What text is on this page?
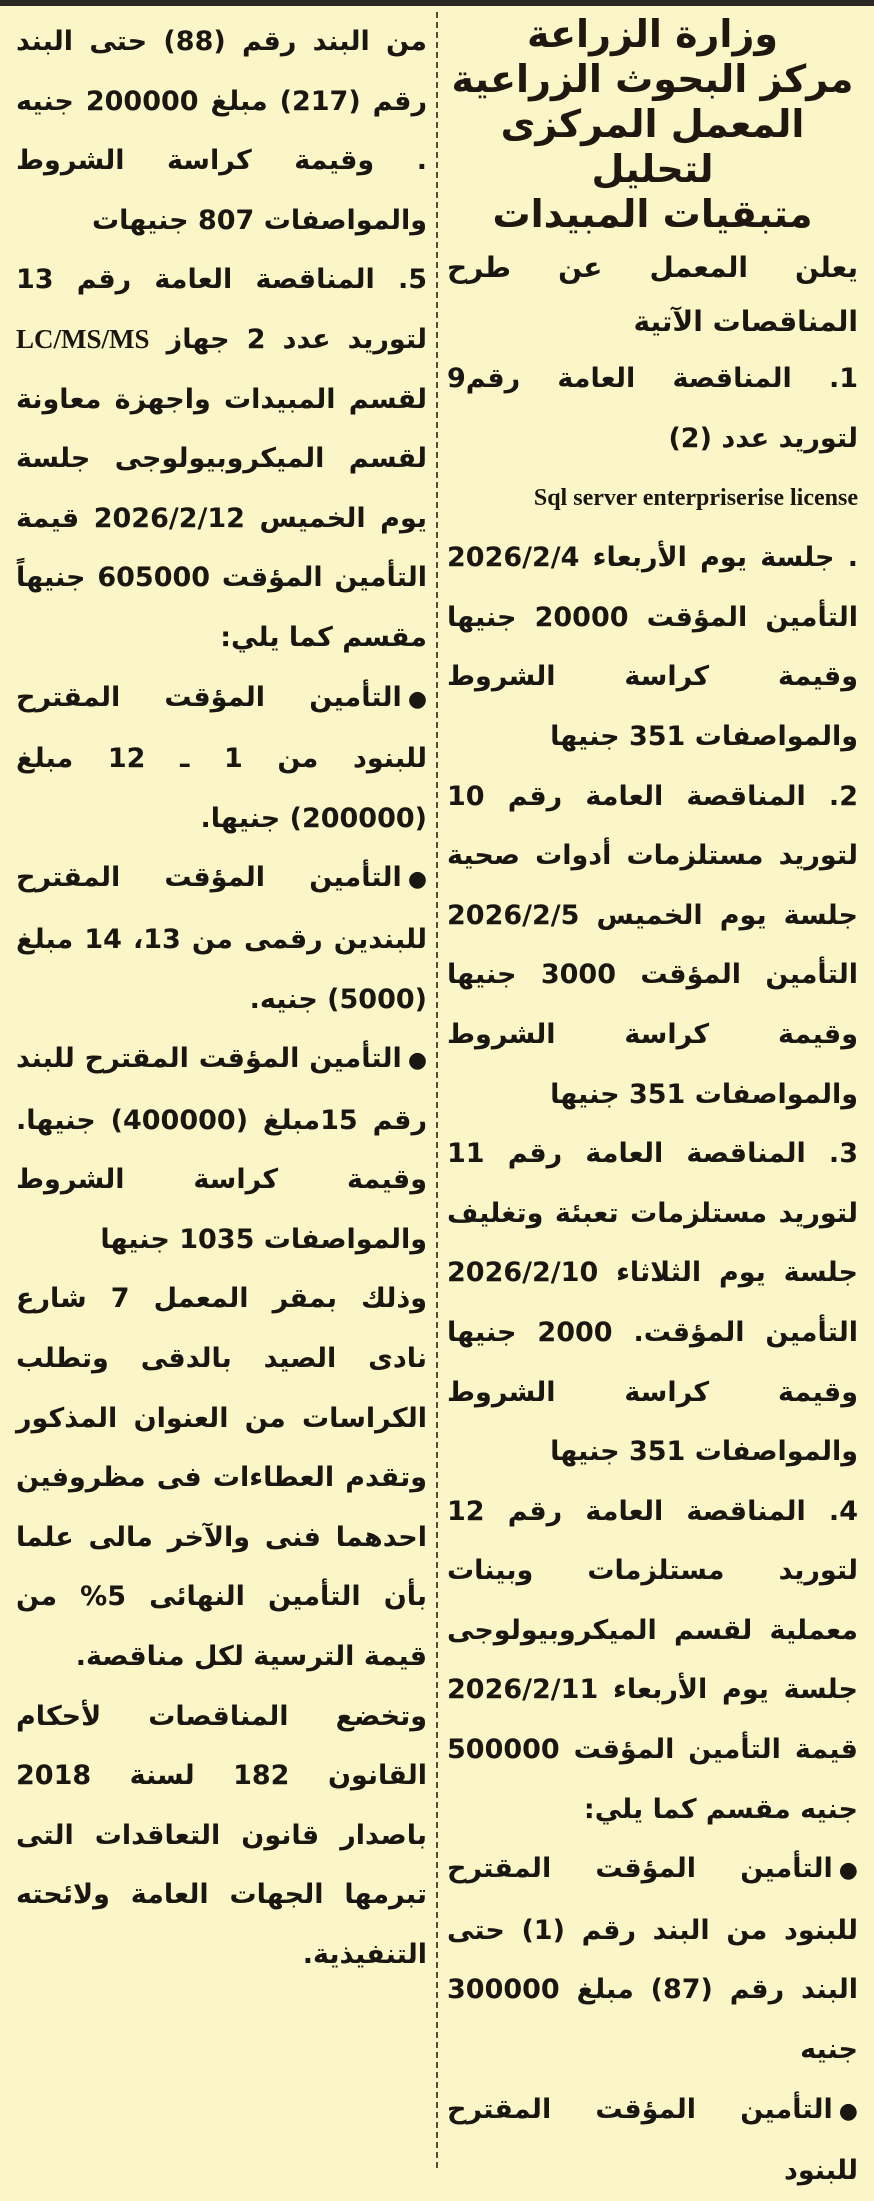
وزارة الزراعة
مركز البحوث الزراعية
المعمل المركزى لتحليل
متبقيات المبيدات

يعلن المعمل عن طرح المناقصات الآتية

1. المناقصة العامة رقم9 لتوريد عدد (2)

Sql server enterpriserise license

. جلسة يوم الأربعاء 2026/2/4 التأمين المؤقت 20000 جنيها وقيمة كراسة الشروط والمواصفات 351 جنيها

2. المناقصة العامة رقم 10 لتوريد مستلزمات أدوات صحية جلسة يوم الخميس 2026/2/5 التأمين المؤقت 3000 جنيها وقيمة كراسة الشروط والمواصفات 351 جنيها

3. المناقصة العامة رقم 11 لتوريد مستلزمات تعبئة وتغليف جلسة يوم الثلاثاء 2026/2/10 التأمين المؤقت. 2000 جنيها وقيمة كراسة الشروط والمواصفات 351 جنيها

4. المناقصة العامة رقم 12 لتوريد مستلزمات وبينات معملية لقسم الميكروبيولوجى جلسة يوم الأربعاء 2026/2/11 قيمة التأمين المؤقت 500000 جنيه مقسم كما يلي:

●التأمين المؤقت المقترح للبنود من البند رقم (1) حتى البند رقم (87) مبلغ 300000 جنيه

●التأمين المؤقت المقترح للبنود

من البند رقم (88) حتى البند رقم (217) مبلغ 200000 جنيه . وقيمة كراسة الشروط والمواصفات 807 جنيهات

5. المناقصة العامة رقم 13 لتوريد عدد 2 جهاز LC/MS/MS لقسم المبيدات واجهزة معاونة لقسم الميكروبيولوجى جلسة يوم الخميس 2026/2/12 قيمة التأمين المؤقت 605000 جنيهاً مقسم كما يلي:

●التأمين المؤقت المقترح للبنود من 1 ـ 12 مبلغ (200000) جنيها.

●التأمين المؤقت المقترح للبندين رقمى من 13، 14 مبلغ (5000) جنيه.

●التأمين المؤقت المقترح للبند رقم 15مبلغ (400000) جنيها. وقيمة كراسة الشروط والمواصفات 1035 جنيها

وذلك بمقر المعمل 7 شارع نادى الصيد بالدقى وتطلب الكراسات من العنوان المذكور وتقدم العطاءات فى مظروفين احدهما فنى والآخر مالى علما بأن التأمين النهائى 5% من قيمة الترسية لكل مناقصة.

وتخضع المناقصات لأحكام القانون 182 لسنة 2018 باصدار قانون التعاقدات التى تبرمها الجهات العامة ولائحته التنفيذية.
